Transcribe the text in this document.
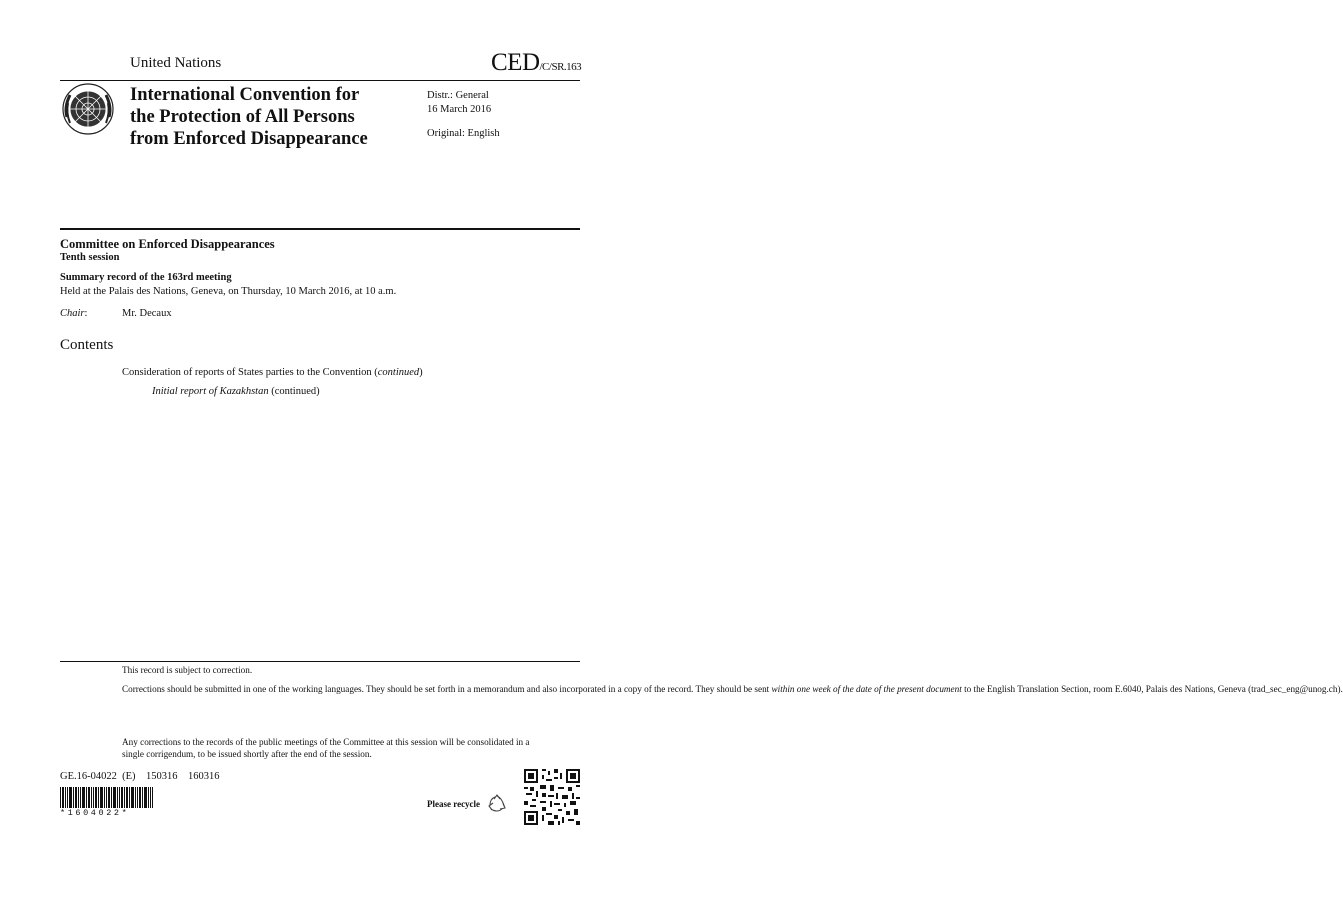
United Nations	CED/C/SR.163
International Convention for
the Protection of All Persons
from Enforced Disappearance
Distr.: General
16 March 2016
Original: English
Committee on Enforced Disappearances
Tenth session
Summary record of the 163rd meeting
Held at the Palais des Nations, Geneva, on Thursday, 10 March 2016, at 10 a.m.
Chair:	Mr. Decaux
Contents
Consideration of reports of States parties to the Convention (continued)
Initial report of Kazakhstan (continued)
This record is subject to correction.
Corrections should be submitted in one of the working languages. They should be set forth in a memorandum and also incorporated in a copy of the record. They should be sent within one week of the date of the present document to the English Translation Section, room E.6040, Palais des Nations, Geneva (trad_sec_eng@unog.ch).
Any corrections to the records of the public meetings of the Committee at this session will be consolidated in a single corrigendum, to be issued shortly after the end of the session.
GE.16-04022  (E)    150316    160316
*1604022*
Please recycle
